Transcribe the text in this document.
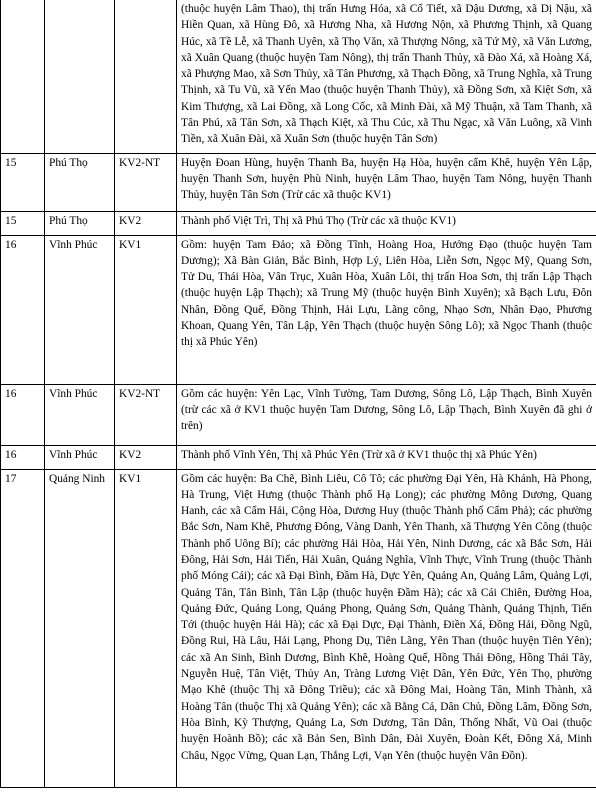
			(thuộc huyện Lâm Thao), thị trấn Hưng Hóa, xã Cổ Tiết, xã Dậu Dương, xã Dị Nậu, xã Hiền Quan, xã Hùng Đô, xã Hương Nha, xã Hương Nộn, xã Phương Thịnh, xã Quang Húc, xã Tề Lễ, xã Thanh Uyên, xã Thọ Văn, xã Thượng Nông, xã Tứ Mỹ, xã Văn Lương, xã Xuân Quang (thuộc huyện Tam Nông), thị trấn Thanh Thủy, xã Đào Xá, xã Hoàng Xá, xã Phượng Mao, xã Sơn Thủy, xã Tân Phương, xã Thạch Đồng, xã Trung Nghĩa, xã Trung Thịnh, xã Tu Vũ, xã Yến Mao (thuộc huyện Thanh Thủy), xã Đồng Sơn, xã Kiệt Sơn, xã Kim Thượng, xã Lai Đồng, xã Long Cốc, xã Minh Đài, xã Mỹ Thuận, xã Tam Thanh, xã Tân Phú, xã Tân Sơn, xã Thạch Kiệt, xã Thu Cúc, xã Thu Ngạc, xã Văn Luông, xã Vinh Tiền, xã Xuân Đài, xã Xuân Sơn (thuộc huyện Tân Sơn)
15	Phú Thọ	KV2-NT	Huyện Đoan Hùng, huyện Thanh Ba, huyện Hạ Hòa, huyện cẩm Khê, huyện Yên Lập, huyện Thanh Sơn, huyện Phù Ninh, huyện Lâm Thao, huyện Tam Nông, huyện Thanh Thủy, huyện Tân Sơn (Trừ các xã thuộc KV1)
15	Phú Thọ	KV2	Thành phố Việt Trì, Thị xã Phú Thọ (Trừ các xã thuộc KV1)
16	Vĩnh Phúc	KV1	Gồm: huyện Tam Đảo; xã Đồng Tĩnh, Hoàng Hoa, Hướng Đạo (thuộc huyện Tam Dương); Xã Bàn Giản, Bắc Bình, Hợp Lý, Liên Hòa, Liễn Sơn, Ngọc Mỹ, Quang Sơn, Tử Du, Thái Hòa, Vân Trục, Xuân Hòa, Xuân Lôi, thị trấn Hoa Sơn, thị trấn Lập Thạch (thuộc huyện Lập Thạch); xã Trung Mỹ (thuộc huyện Bình Xuyên); xã Bạch Lưu, Đôn Nhân, Đồng Quế, Đồng Thịnh, Hải Lựu, Lãng công, Nhạo Sơn, Nhân Đạo, Phương Khoan, Quang Yên, Tân Lập, Yên Thạch (thuộc huyện Sông Lô); xã Ngọc Thanh (thuộc thị xã Phúc Yên)
16	Vĩnh Phúc	KV2-NT	Gồm các huyện: Yên Lạc, Vĩnh Tường, Tam Dương, Sông Lô, Lập Thạch, Bình Xuyên (trừ các xã ở KV1 thuộc huyện Tam Dương, Sông Lô, Lập Thạch, Bình Xuyên đã ghi ở trên)
16	Vĩnh Phúc	KV2	Thành phố Vĩnh Yên, Thị xã Phúc Yên (Trừ xã ở KV1 thuộc thị xã Phúc Yên)
17	Quảng Ninh	KV1	Gồm các huyện: Ba Chẽ, Bình Liêu, Cô Tô; các phường Đại Yên, Hà Khánh, Hà Phong, Hà Trung, Việt Hưng (thuộc Thành phố Hạ Long); các phường Mông Dương, Quang Hanh, các xã Cẩm Hải, Cộng Hòa, Dương Huy (thuộc Thành phố Cẩm Phả); các phường Bắc Sơn, Nam Khê, Phương Đông, Vàng Danh, Yên Thanh, xã Thượng Yên Công (thuộc Thành phố Uông Bí); các phường Hải Hòa, Hải Yên, Ninh Dương, các xã Bắc Sơn, Hải Đông, Hải Sơn, Hải Tiến, Hải Xuân, Quảng Nghĩa, Vĩnh Thực, Vĩnh Trung (thuộc Thành phố Móng Cái); các xã Đại Bình, Đầm Hà, Dực Yên, Quảng An, Quảng Lâm, Quảng Lợi, Quảng Tân, Tân Bình, Tân Lập (thuộc huyện Đầm Hà); các xã Cái Chiên, Đường Hoa, Quảng Đức, Quảng Long, Quảng Phong, Quảng Sơn, Quảng Thành, Quảng Thịnh, Tiến Tới (thuộc huyện Hải Hà); các xã Đại Dực, Đại Thành, Điền Xá, Đồng Hải, Đồng Ngũ, Đồng Rui, Hà Lâu, Hải Lạng, Phong Dụ, Tiên Lãng, Yên Than (thuộc huyện Tiên Yên); các xã An Sinh, Bình Dương, Bình Khê, Hoàng Quế, Hồng Thái Đông, Hồng Thái Tây, Nguyễn Huệ, Tân Việt, Thủy An, Tràng Lương Việt Dân, Yên Đức, Yên Thọ, phường Mạo Khê (thuộc Thị xã Đông Triều); các xã Đông Mai, Hoàng Tân, Minh Thành, xã Hoàng Tân (thuộc Thị xã Quảng Yên); các xã Bằng Cả, Dân Chủ, Đồng Lâm, Đồng Sơn, Hòa Bình, Kỳ Thượng, Quảng La, Sơn Dương, Tân Dân, Thống Nhất, Vũ Oai (thuộc huyện Hoành Bồ); các xã Bản Sen, Bình Dân, Đài Xuyên, Đoàn Kết, Đông Xá, Minh Châu, Ngọc Vừng, Quan Lạn, Thắng Lợi, Vạn Yên (thuộc huyện Vân Đồn).
